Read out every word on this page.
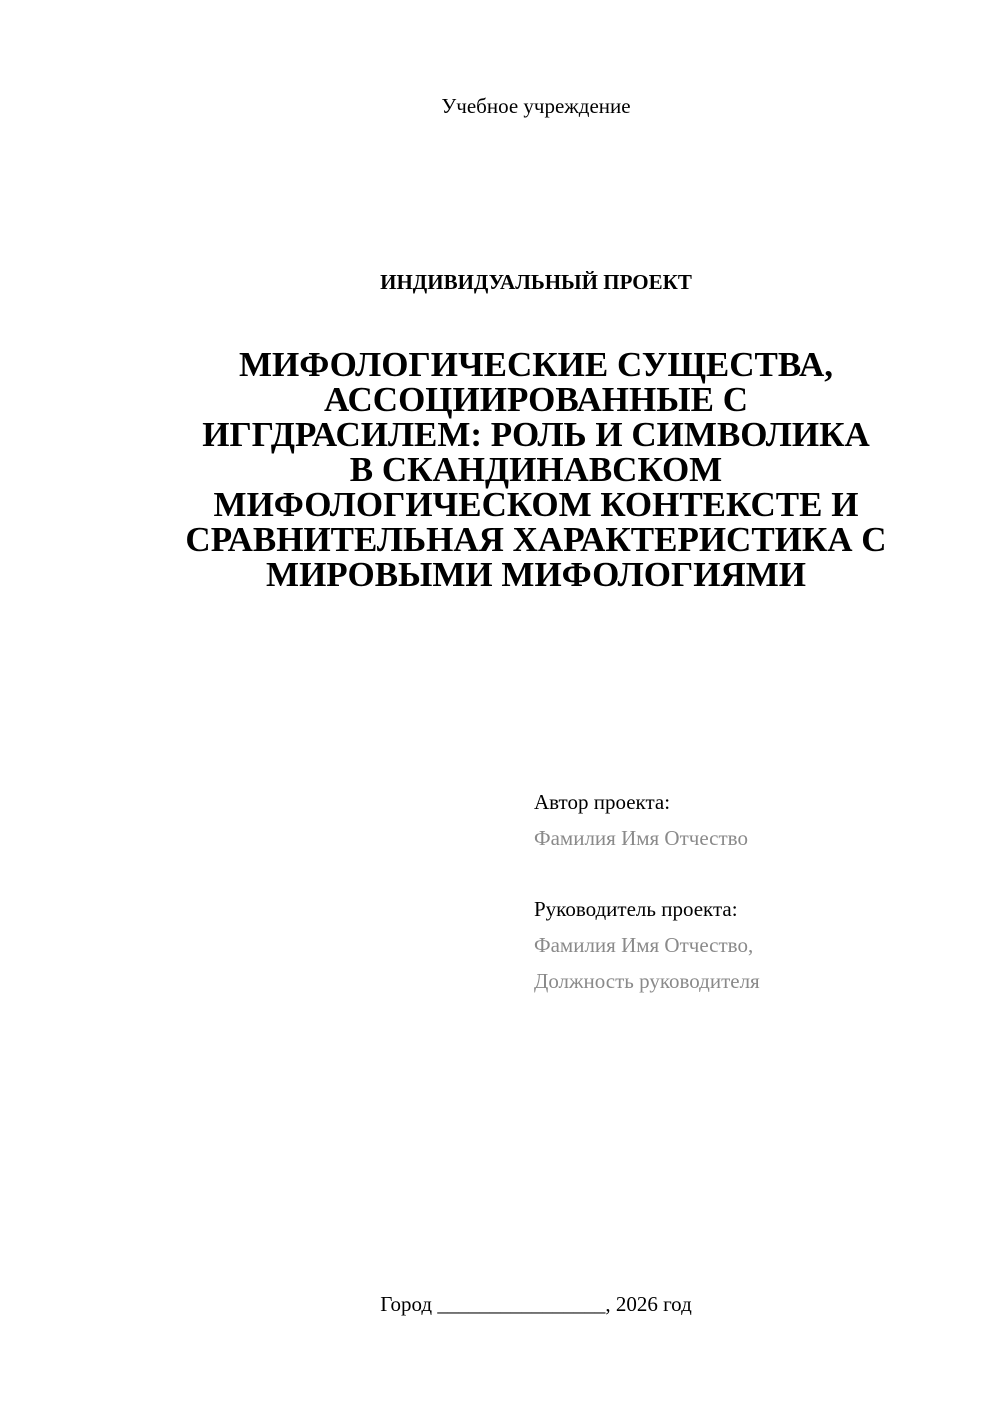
Учебное учреждение
ИНДИВИДУАЛЬНЫЙ ПРОЕКТ
МИФОЛОГИЧЕСКИЕ СУЩЕСТВА,
АССОЦИИРОВАННЫЕ С
ИГГДРАСИЛЕМ: РОЛЬ И СИМВОЛИКА
В СКАНДИНАВСКОМ
МИФОЛОГИЧЕСКОМ КОНТЕКСТЕ И
СРАВНИТЕЛЬНАЯ ХАРАКТЕРИСТИКА С
МИРОВЫМИ МИФОЛОГИЯМИ
Автор проекта:
Фамилия Имя Отчество
Руководитель проекта:
Фамилия Имя Отчество,
Должность руководителя
Город ________________, 2026 год
